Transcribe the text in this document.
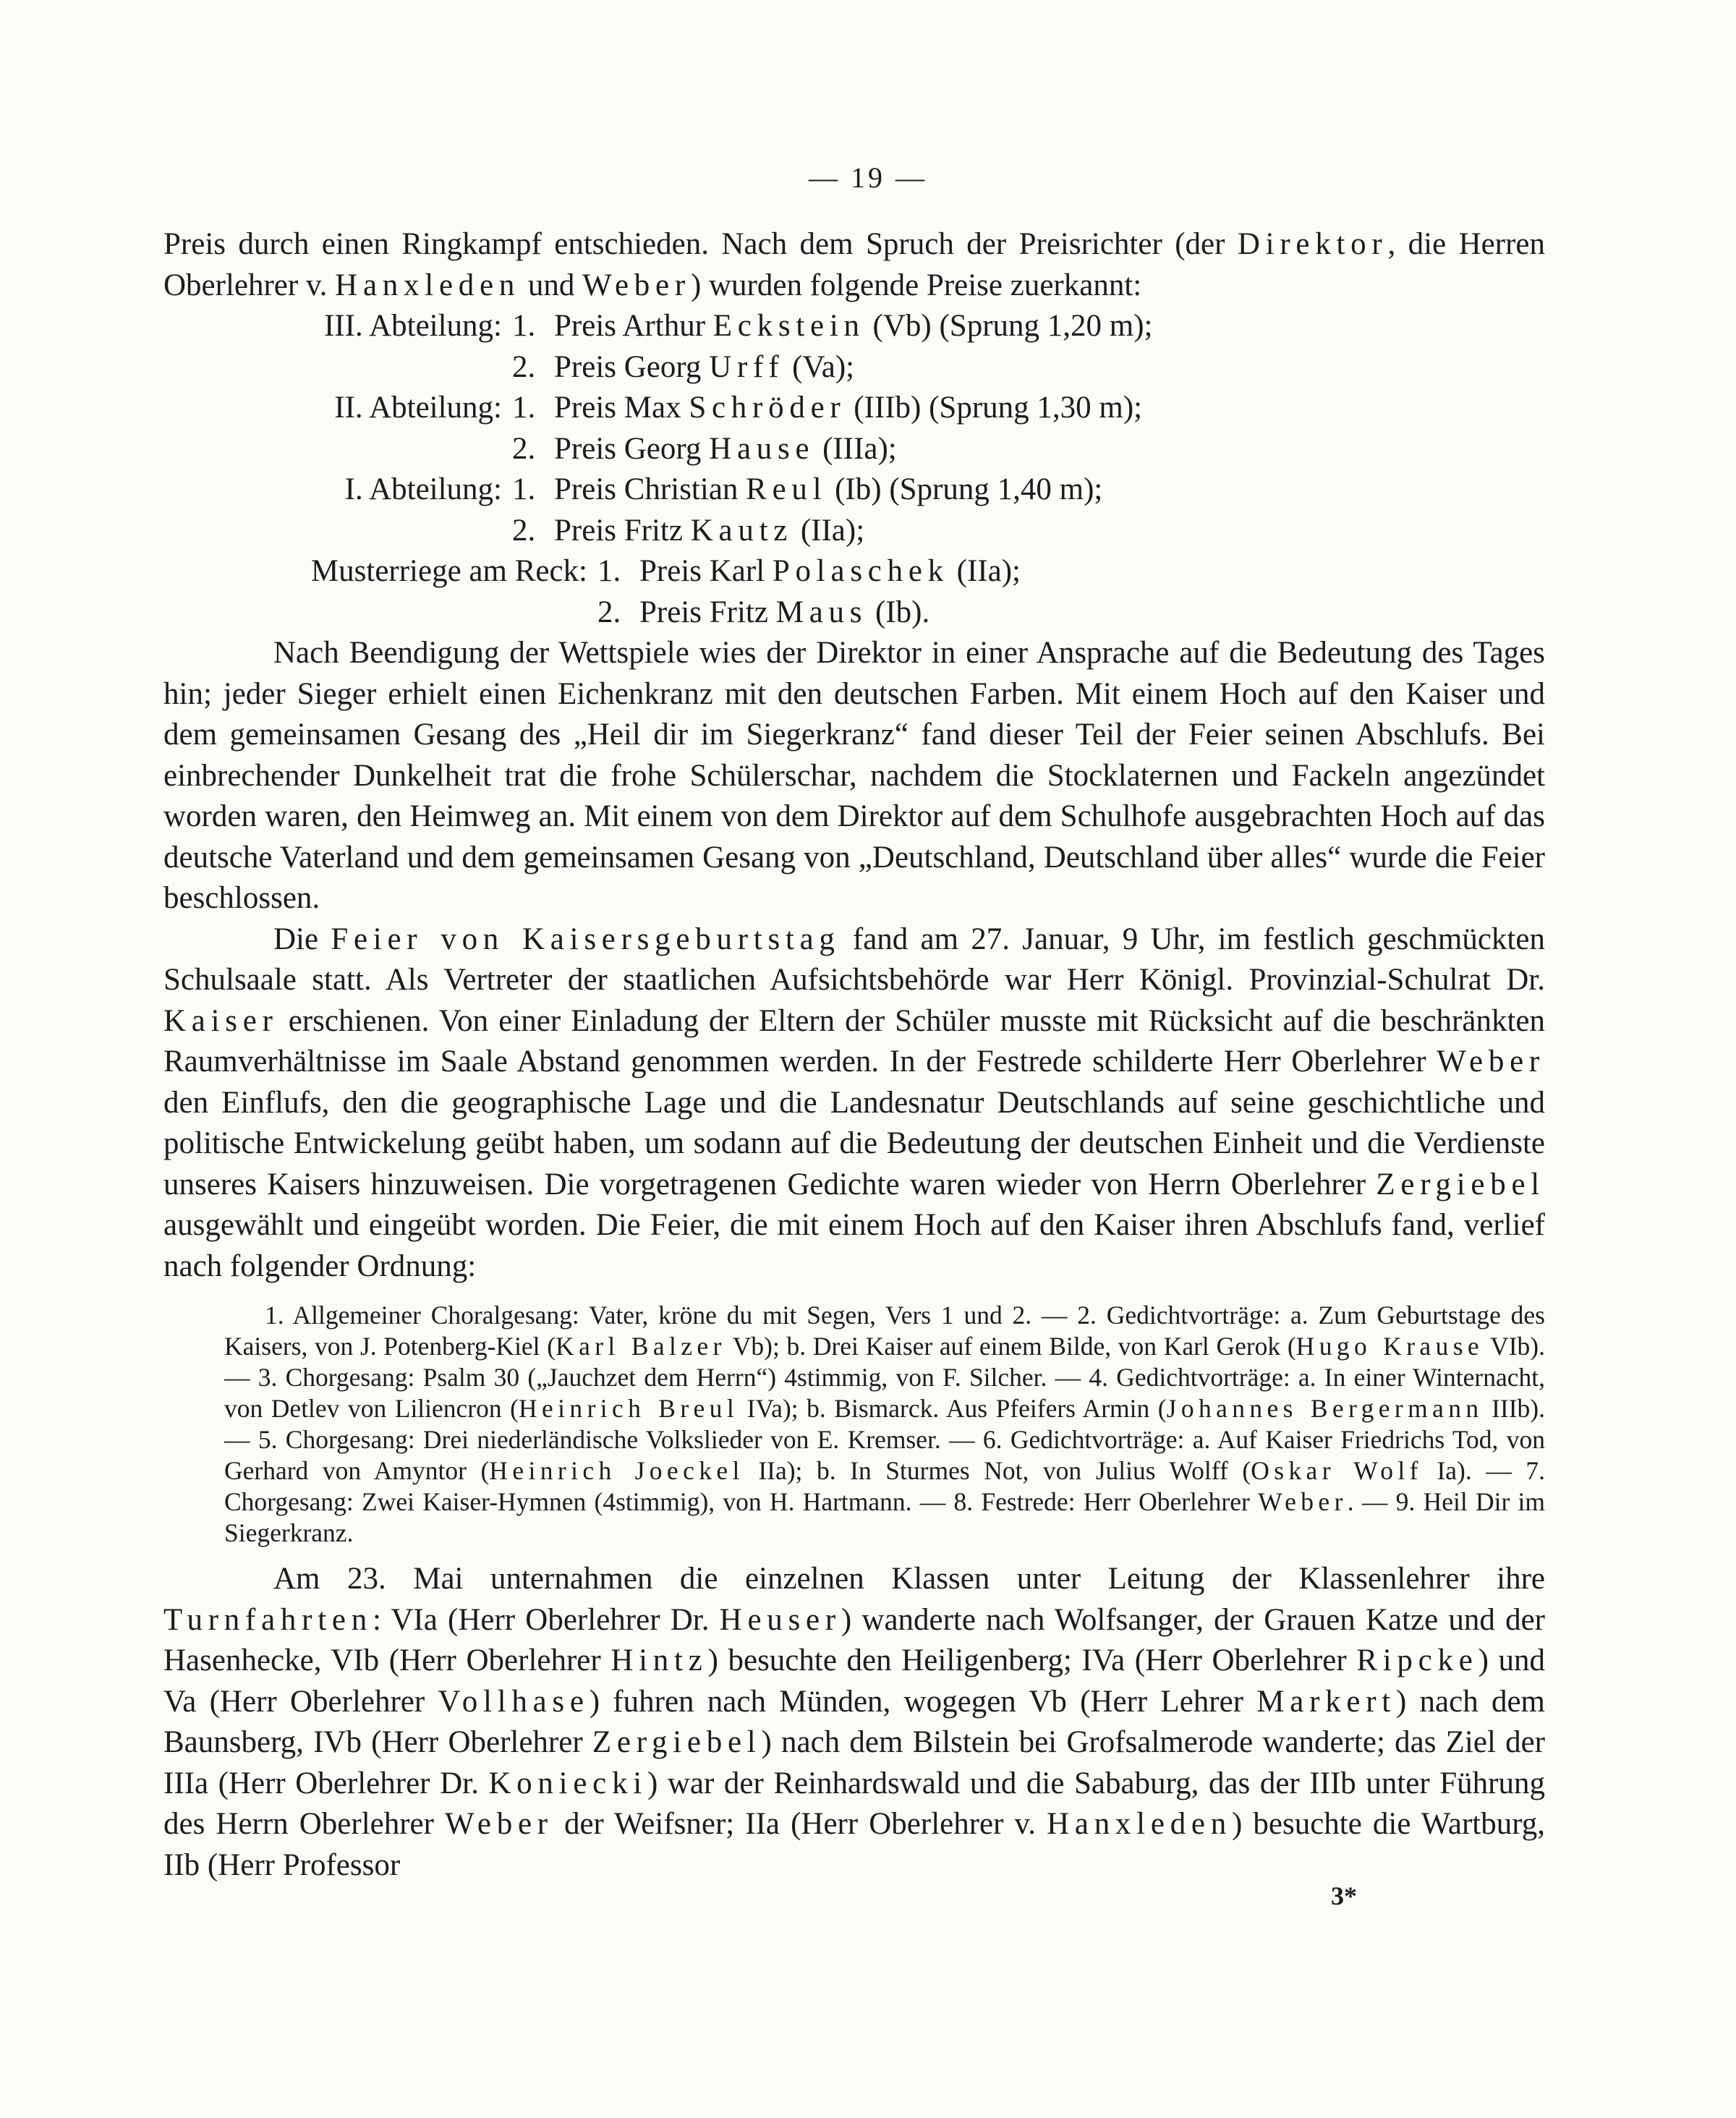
— 19 —

Preis durch einen Ringkampf entschieden. Nach dem Spruch der Preisrichter (der Direktor, die Herren Oberlehrer v. Hanxleden und Weber) wurden folgende Preise zuerkannt:

III. Abteilung: 1. Preis Arthur Eckstein (Vb) (Sprung 1,20 m);
2. Preis Georg Urff (Va);
II. Abteilung: 1. Preis Max Schröder (IIIb) (Sprung 1,30 m);
2. Preis Georg Hause (IIIa);
I. Abteilung: 1. Preis Christian Reul (Ib) (Sprung 1,40 m);
2. Preis Fritz Kautz (IIa);
Musterriege am Reck: 1. Preis Karl Polaschek (IIa);
2. Preis Fritz Maus (Ib).

Nach Beendigung der Wettspiele wies der Direktor in einer Ansprache auf die Bedeutung des Tages hin; jeder Sieger erhielt einen Eichenkranz mit den deutschen Farben. Mit einem Hoch auf den Kaiser und dem gemeinsamen Gesang des „Heil dir im Siegerkranz“ fand dieser Teil der Feier seinen Abschlufs. Bei einbrechender Dunkelheit trat die frohe Schülerschar, nachdem die Stocklaternen und Fackeln angezündet worden waren, den Heimweg an. Mit einem von dem Direktor auf dem Schulhofe ausgebrachten Hoch auf das deutsche Vaterland und dem gemeinsamen Gesang von „Deutschland, Deutschland über alles“ wurde die Feier beschlossen.

Die Feier von Kaisersgeburtstag fand am 27. Januar, 9 Uhr, im festlich geschmückten Schulsaale statt. Als Vertreter der staatlichen Aufsichtsbehörde war Herr Königl. Provinzial-Schulrat Dr. Kaiser erschienen. Von einer Einladung der Eltern der Schüler musste mit Rücksicht auf die beschränkten Raumverhältnisse im Saale Abstand genommen werden. In der Festrede schilderte Herr Oberlehrer Weber den Einflufs, den die geographische Lage und die Landesnatur Deutschlands auf seine geschichtliche und politische Entwickelung geübt haben, um sodann auf die Bedeutung der deutschen Einheit und die Verdienste unseres Kaisers hinzuweisen. Die vorgetragenen Gedichte waren wieder von Herrn Oberlehrer Zergiebel ausgewählt und eingeübt worden. Die Feier, die mit einem Hoch auf den Kaiser ihren Abschlufs fand, verlief nach folgender Ordnung:

1. Allgemeiner Choralgesang: Vater, kröne du mit Segen, Vers 1 und 2. — 2. Gedichtvorträge: a. Zum Geburtstage des Kaisers, von J. Potenberg-Kiel (Karl Balzer Vb); b. Drei Kaiser auf einem Bilde, von Karl Gerok (Hugo Krause VIb). — 3. Chorgesang: Psalm 30 („Jauchzet dem Herrn“) 4stimmig, von F. Silcher. — 4. Gedichtvorträge: a. In einer Winternacht, von Detlev von Liliencron (Heinrich Breul IVa); b. Bismarck. Aus Pfeifers Armin (Johannes Bergermann IIIb). — 5. Chorgesang: Drei niederländische Volkslieder von E. Kremser. — 6. Gedichtvorträge: a. Auf Kaiser Friedrichs Tod, von Gerhard von Amyntor (Heinrich Joeckel IIa); b. In Sturmes Not, von Julius Wolff (Oskar Wolf Ia). — 7. Chorgesang: Zwei Kaiser-Hymnen (4stimmig), von H. Hartmann. — 8. Festrede: Herr Oberlehrer Weber. — 9. Heil Dir im Siegerkranz.

Am 23. Mai unternahmen die einzelnen Klassen unter Leitung der Klassenlehrer ihre Turnfahrten: VIa (Herr Oberlehrer Dr. Heuser) wanderte nach Wolfsanger, der Grauen Katze und der Hasenhecke, VIb (Herr Oberlehrer Hintz) besuchte den Heiligenberg; IVa (Herr Oberlehrer Ripcke) und Va (Herr Oberlehrer Vollhase) fuhren nach Münden, wogegen Vb (Herr Lehrer Markert) nach dem Baunsberg, IVb (Herr Oberlehrer Zergiebel) nach dem Bilstein bei Grofsalmerode wanderte; das Ziel der IIIa (Herr Oberlehrer Dr. Koniecki) war der Reinhardswald und die Sababurg, das der IIIb unter Führung des Herrn Oberlehrer Weber der Weifsner; IIa (Herr Oberlehrer v. Hanxleden) besuchte die Wartburg, IIb (Herr Professor

3*
